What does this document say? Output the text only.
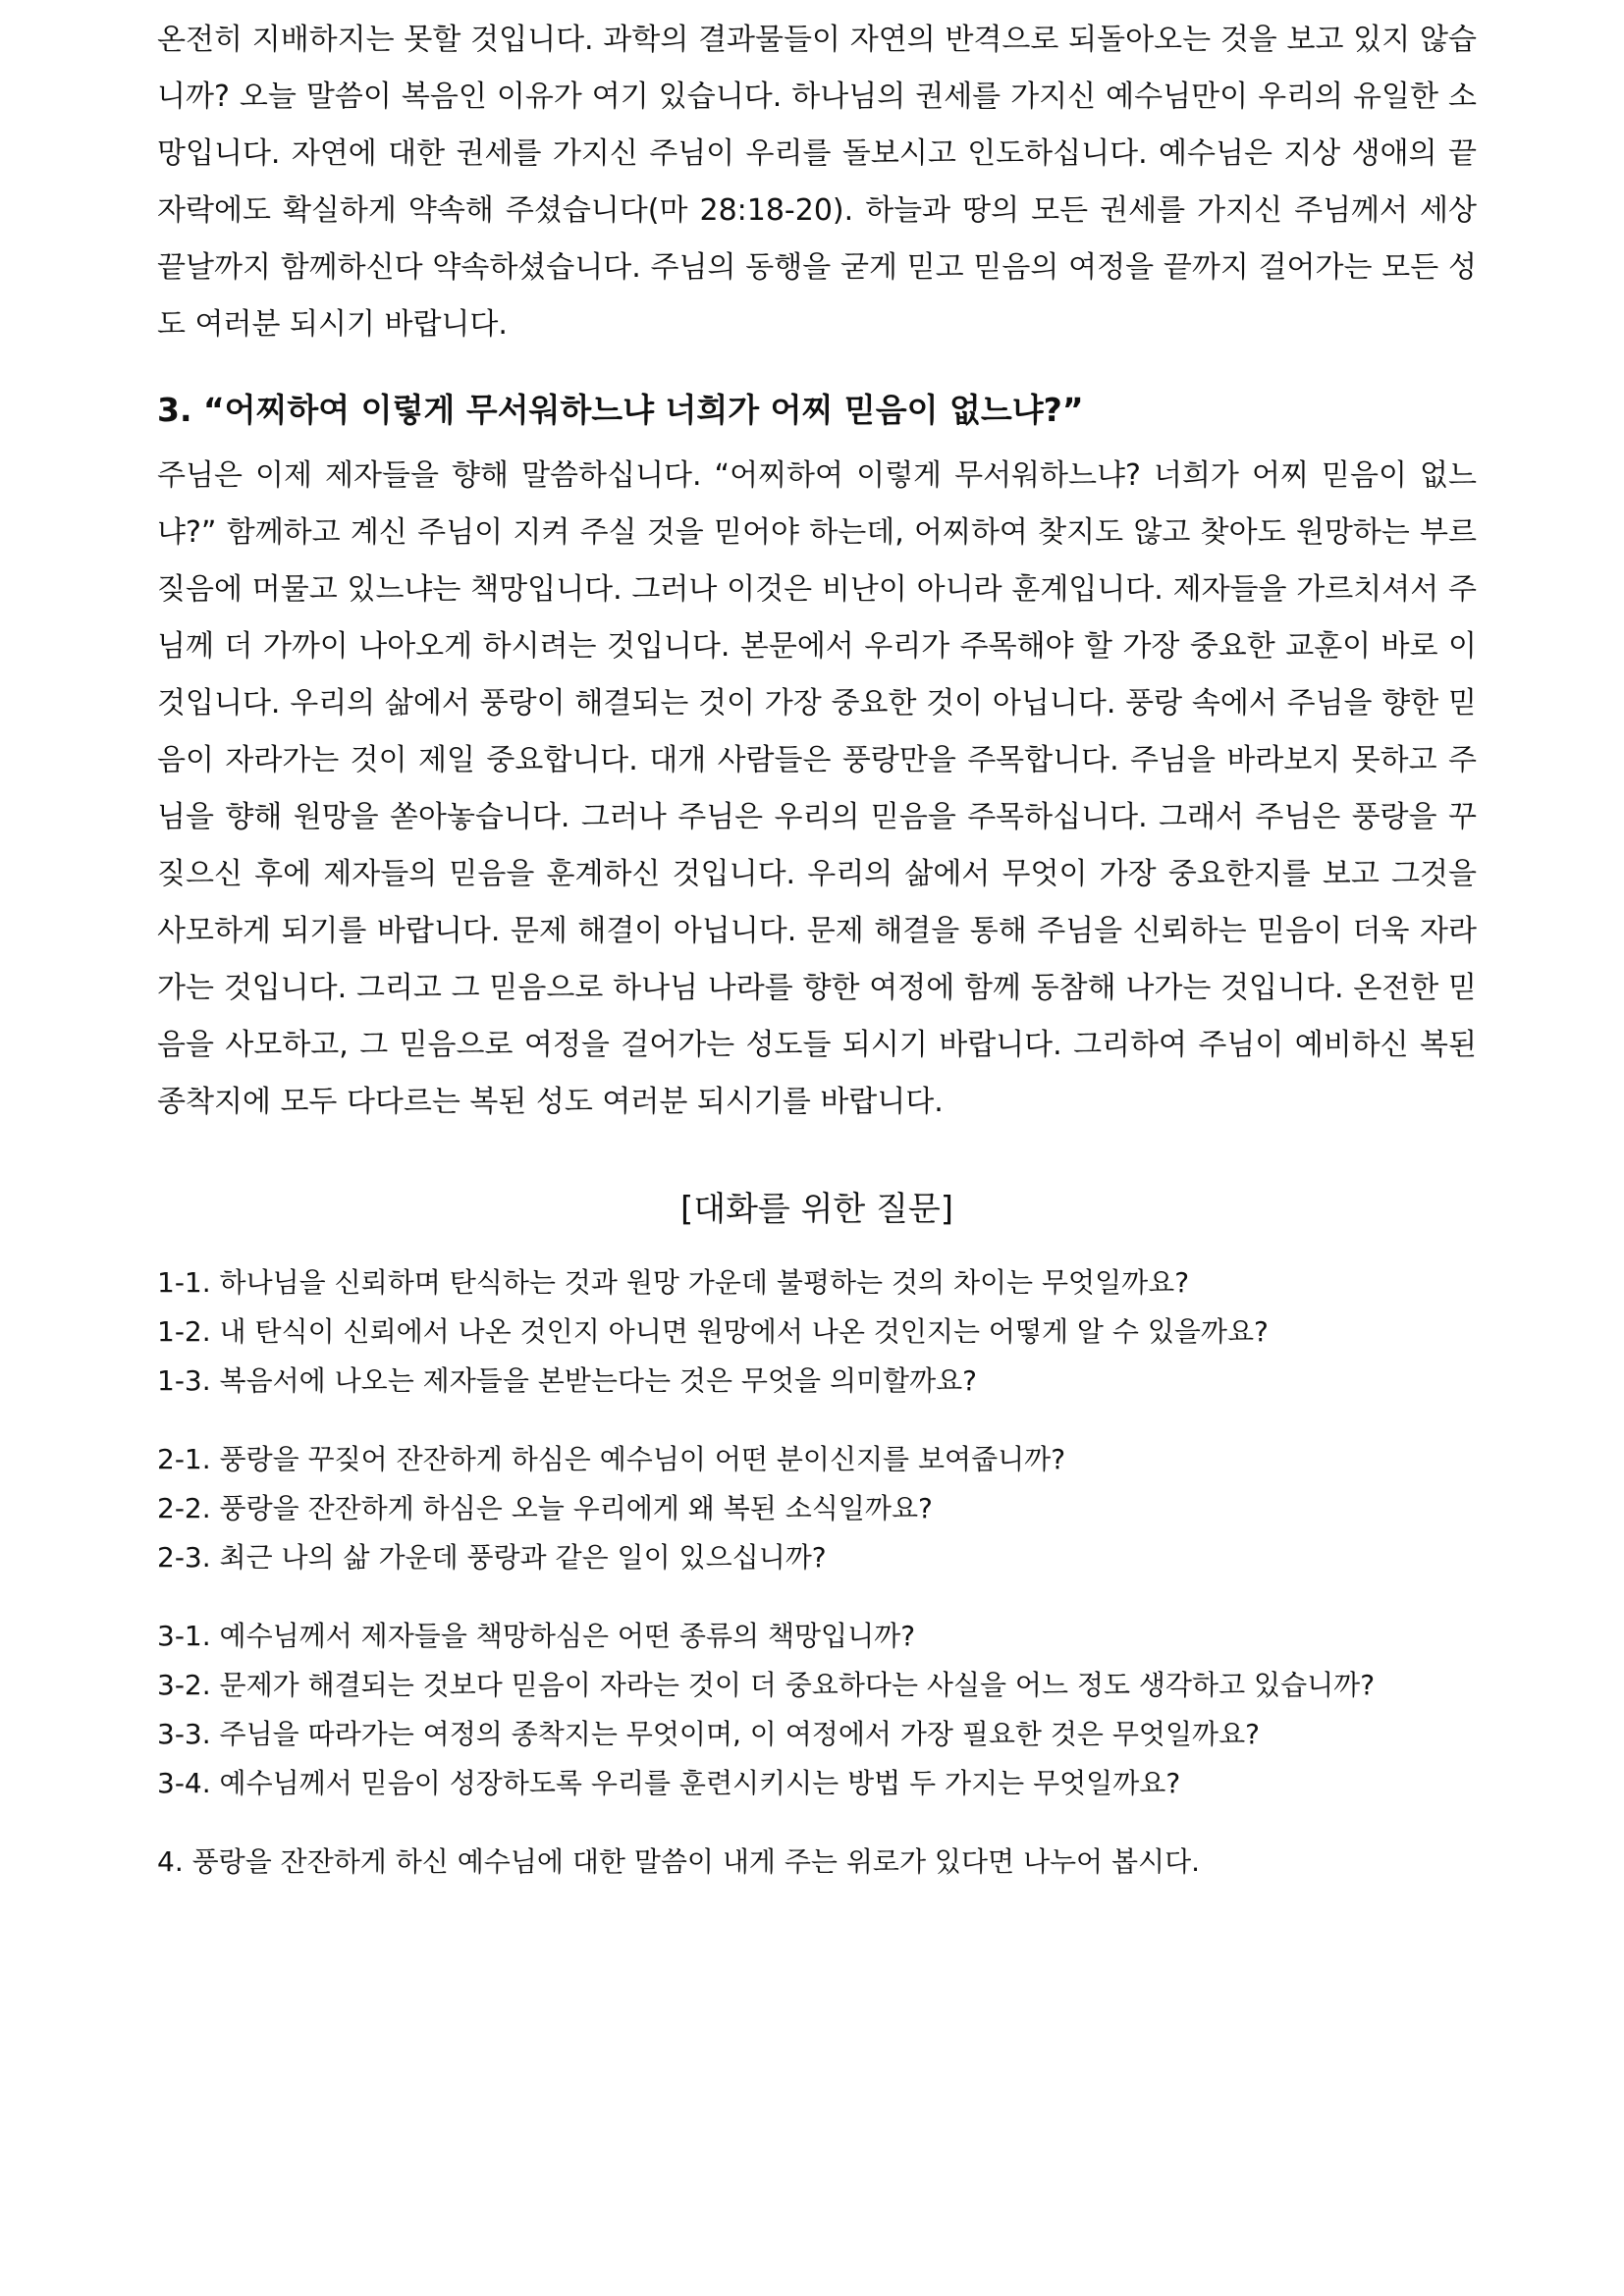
온전히 지배하지는 못할 것입니다. 과학의 결과물들이 자연의 반격으로 되돌아오는 것을 보고 있지 않습니까? 오늘 말씀이 복음인 이유가 여기 있습니다. 하나님의 권세를 가지신 예수님만이 우리의 유일한 소망입니다. 자연에 대한 권세를 가지신 주님이 우리를 돌보시고 인도하십니다. 예수님은 지상 생애의 끝자락에도 확실하게 약속해 주셨습니다(마 28:18-20). 하늘과 땅의 모든 권세를 가지신 주님께서 세상 끝날까지 함께하신다 약속하셨습니다. 주님의 동행을 굳게 믿고 믿음의 여정을 끝까지 걸어가는 모든 성도 여러분 되시기 바랍니다.

3. “어찌하여 이렇게 무서워하느냐 너희가 어찌 믿음이 없느냐?”

주님은 이제 제자들을 향해 말씀하십니다. “어찌하여 이렇게 무서워하느냐? 너희가 어찌 믿음이 없느냐?” 함께하고 계신 주님이 지켜 주실 것을 믿어야 하는데, 어찌하여 찾지도 않고 찾아도 원망하는 부르짖음에 머물고 있느냐는 책망입니다. 그러나 이것은 비난이 아니라 훈계입니다. 제자들을 가르치셔서 주님께 더 가까이 나아오게 하시려는 것입니다. 본문에서 우리가 주목해야 할 가장 중요한 교훈이 바로 이것입니다. 우리의 삶에서 풍랑이 해결되는 것이 가장 중요한 것이 아닙니다. 풍랑 속에서 주님을 향한 믿음이 자라가는 것이 제일 중요합니다. 대개 사람들은 풍랑만을 주목합니다. 주님을 바라보지 못하고 주님을 향해 원망을 쏟아놓습니다. 그러나 주님은 우리의 믿음을 주목하십니다. 그래서 주님은 풍랑을 꾸짖으신 후에 제자들의 믿음을 훈계하신 것입니다. 우리의 삶에서 무엇이 가장 중요한지를 보고 그것을 사모하게 되기를 바랍니다. 문제 해결이 아닙니다. 문제 해결을 통해 주님을 신뢰하는 믿음이 더욱 자라가는 것입니다. 그리고 그 믿음으로 하나님 나라를 향한 여정에 함께 동참해 나가는 것입니다. 온전한 믿음을 사모하고, 그 믿음으로 여정을 걸어가는 성도들 되시기 바랍니다. 그리하여 주님이 예비하신 복된 종착지에 모두 다다르는 복된 성도 여러분 되시기를 바랍니다.

[대화를 위한 질문]

1-1. 하나님을 신뢰하며 탄식하는 것과 원망 가운데 불평하는 것의 차이는 무엇일까요?

1-2. 내 탄식이 신뢰에서 나온 것인지 아니면 원망에서 나온 것인지는 어떻게 알 수 있을까요?

1-3. 복음서에 나오는 제자들을 본받는다는 것은 무엇을 의미할까요?

2-1. 풍랑을 꾸짖어 잔잔하게 하심은 예수님이 어떤 분이신지를 보여줍니까?

2-2. 풍랑을 잔잔하게 하심은 오늘 우리에게 왜 복된 소식일까요?

2-3. 최근 나의 삶 가운데 풍랑과 같은 일이 있으십니까?

3-1. 예수님께서 제자들을 책망하심은 어떤 종류의 책망입니까?

3-2. 문제가 해결되는 것보다 믿음이 자라는 것이 더 중요하다는 사실을 어느 정도 생각하고 있습니까?

3-3. 주님을 따라가는 여정의 종착지는 무엇이며, 이 여정에서 가장 필요한 것은 무엇일까요?

3-4. 예수님께서 믿음이 성장하도록 우리를 훈련시키시는 방법 두 가지는 무엇일까요?

4. 풍랑을 잔잔하게 하신 예수님에 대한 말씀이 내게 주는 위로가 있다면 나누어 봅시다.
